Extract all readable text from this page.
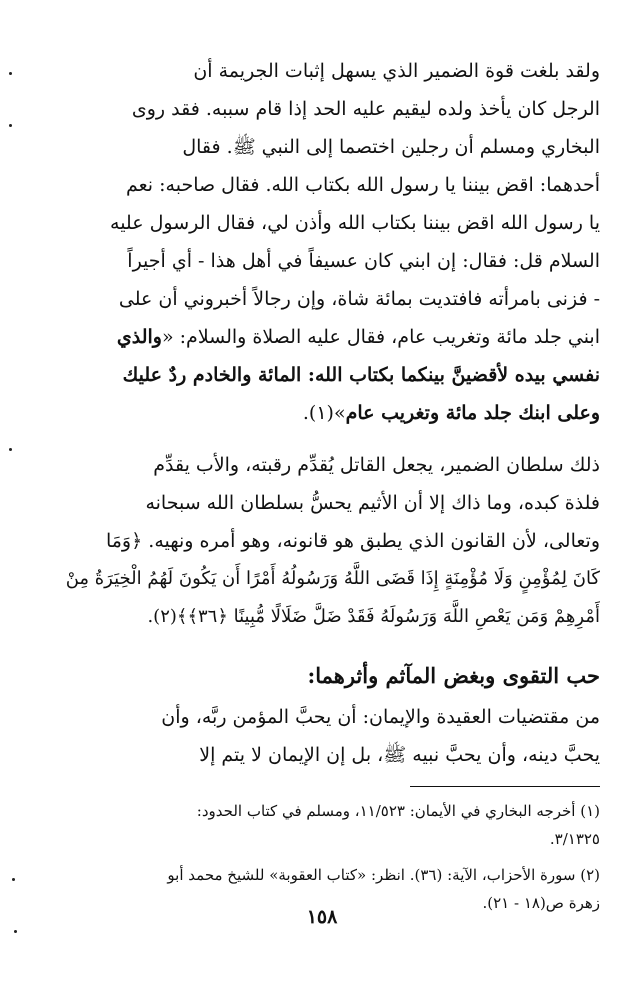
ولقد بلغت قوة الضمير الذي يسهل إثبات الجريمة أن
الرجل كان يأخذ ولده ليقيم عليه الحد إذا قام سببه. فقد روى
البخاري ومسلم أن رجلين اختصما إلى النبي ﷺ. فقال
أحدهما: اقض بيننا يا رسول الله بكتاب الله. فقال صاحبه: نعم
يا رسول الله اقض بيننا بكتاب الله وأذن لي، فقال الرسول عليه
السلام قل: فقال: إن ابني كان عسيفاً في أهل هذا - أي أجيراً
- فزنى بامرأته فافتديت بمائة شاة، وإن رجالاً أخبروني أن على
ابني جلد مائة وتغريب عام، فقال عليه الصلاة والسلام: «والذي
نفسي بيده لأقضينَّ بينكما بكتاب الله: المائة والخادم ردٌ عليك
وعلى ابنك جلد مائة وتغريب عام»(١).
ذلك سلطان الضمير، يجعل القاتل يُقدِّم رقبته، والأب يقدِّم
فلذة كبده، وما ذاك إلا أن الأثيم يحسُّ بسلطان الله سبحانه
وتعالى، لأن القانون الذي يطبق هو قانونه، وهو أمره ونهيه. ﴿وَمَا
كَانَ لِمُؤْمِنٍ وَلَا مُؤْمِنَةٍ إِذَا قَضَى اللَّهُ وَرَسُولُهُ أَمْرًا أَن يَكُونَ لَهُمُ الْخِيَرَةُ مِنْ
أَمْرِهِمْ وَمَن يَعْصِ اللَّهَ وَرَسُولَهُ فَقَدْ ضَلَّ ضَلَالًا مُّبِينًا ﴿٣٦﴾﴾(٢).
حب التقوى وبغض المآثم وأثرهما:
من مقتضيات العقيدة والإيمان: أن يحبَّ المؤمن ربَّه، وأن
يحبَّ دينه، وأن يحبَّ نبيه ﷺ، بل إن الإيمان لا يتم إلا
(١) أخرجه البخاري في الأيمان: ١١/٥٢٣، ومسلم في كتاب الحدود:
٣/١٣٢٥.
(٢) سورة الأحزاب، الآية: (٣٦). انظر: «كتاب العقوبة» للشيخ محمد أبو
زهرة ص(١٨ - ٢١).
١٥٨
